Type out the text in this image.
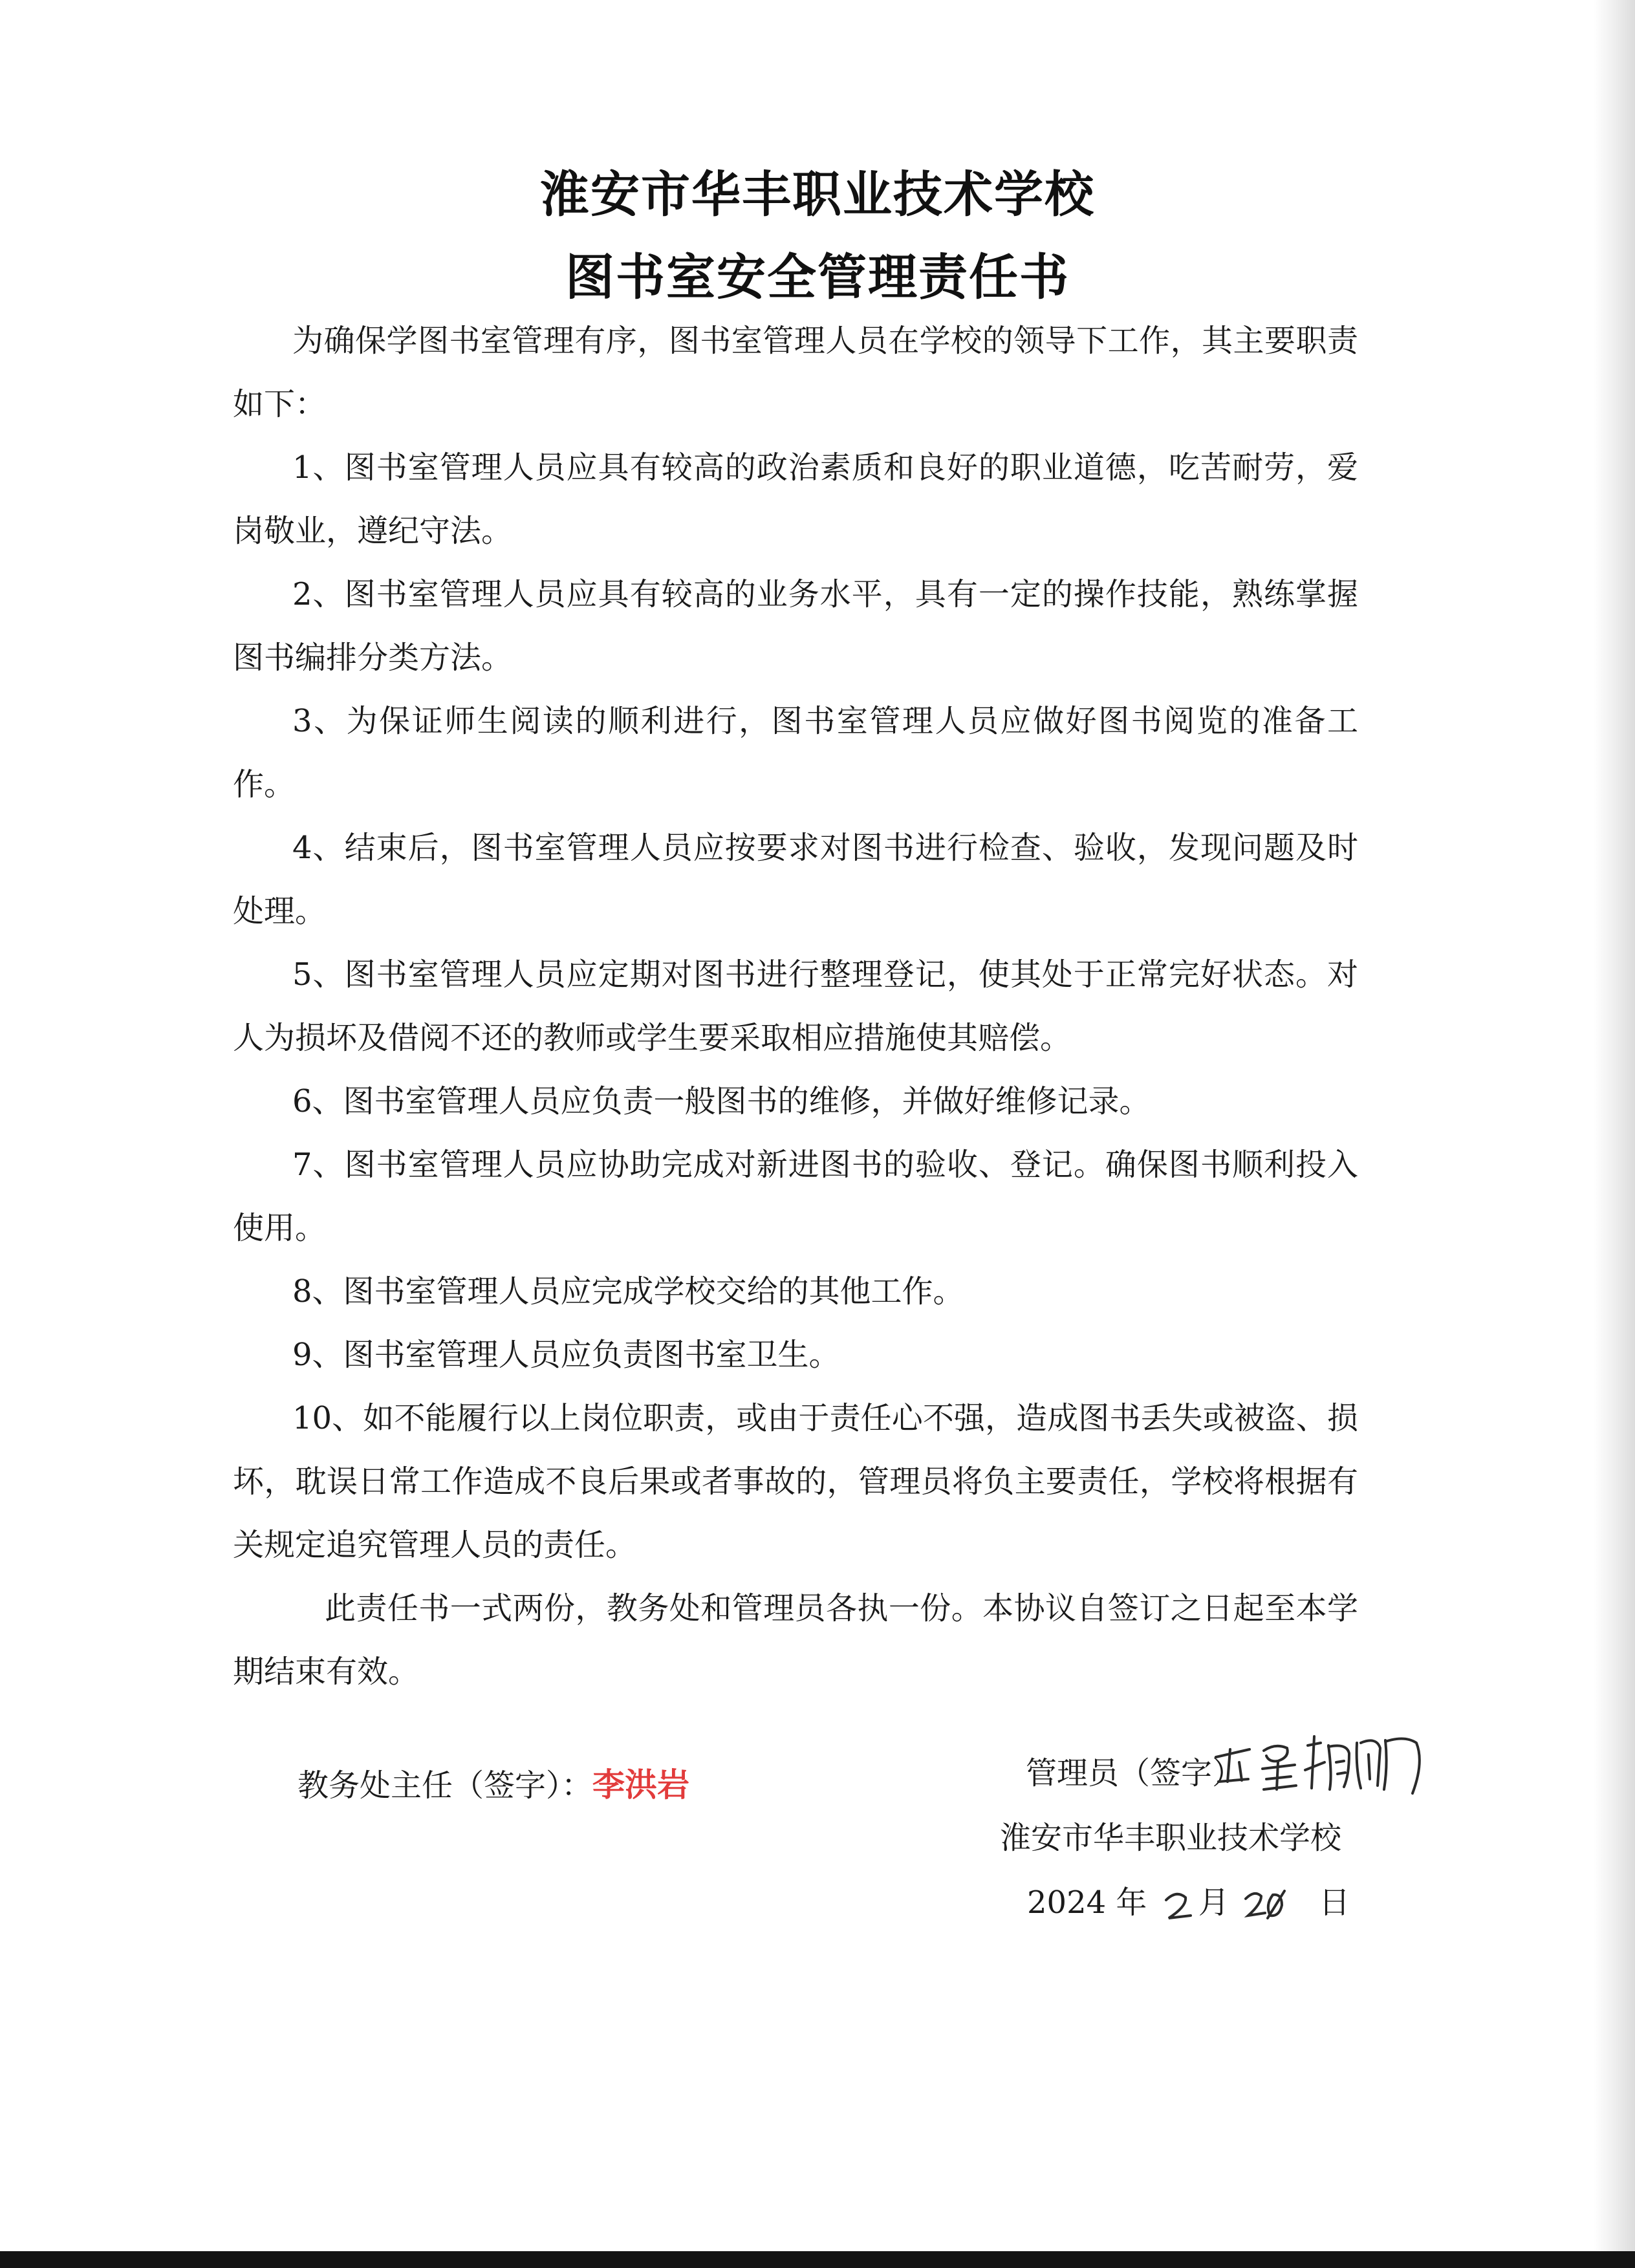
淮安市华丰职业技术学校
图书室安全管理责任书

为确保学图书室管理有序，图书室管理人员在学校的领导下工作，其主要职责如下：

1、图书室管理人员应具有较高的政治素质和良好的职业道德，吃苦耐劳，爱岗敬业，遵纪守法。

2、图书室管理人员应具有较高的业务水平，具有一定的操作技能，熟练掌握图书编排分类方法。

3、为保证师生阅读的顺利进行，图书室管理人员应做好图书阅览的准备工作。

4、结束后，图书室管理人员应按要求对图书进行检查、验收，发现问题及时处理。

5、图书室管理人员应定期对图书进行整理登记，使其处于正常完好状态。对人为损坏及借阅不还的教师或学生要采取相应措施使其赔偿。

6、图书室管理人员应负责一般图书的维修，并做好维修记录。

7、图书室管理人员应协助完成对新进图书的验收、登记。确保图书顺利投入使用。

8、图书室管理人员应完成学校交给的其他工作。

9、图书室管理人员应负责图书室卫生。

10、如不能履行以上岗位职责，或由于责任心不强，造成图书丢失或被盗、损坏，耽误日常工作造成不良后果或者事故的，管理员将负主要责任，学校将根据有关规定追究管理人员的责任。

此责任书一式两份，教务处和管理员各执一份。本协议自签订之日起至本学期结束有效。

教务处主任（签字）：李洪岩	管理员（签字）
淮安市华丰职业技术学校
2024 年 月	日
